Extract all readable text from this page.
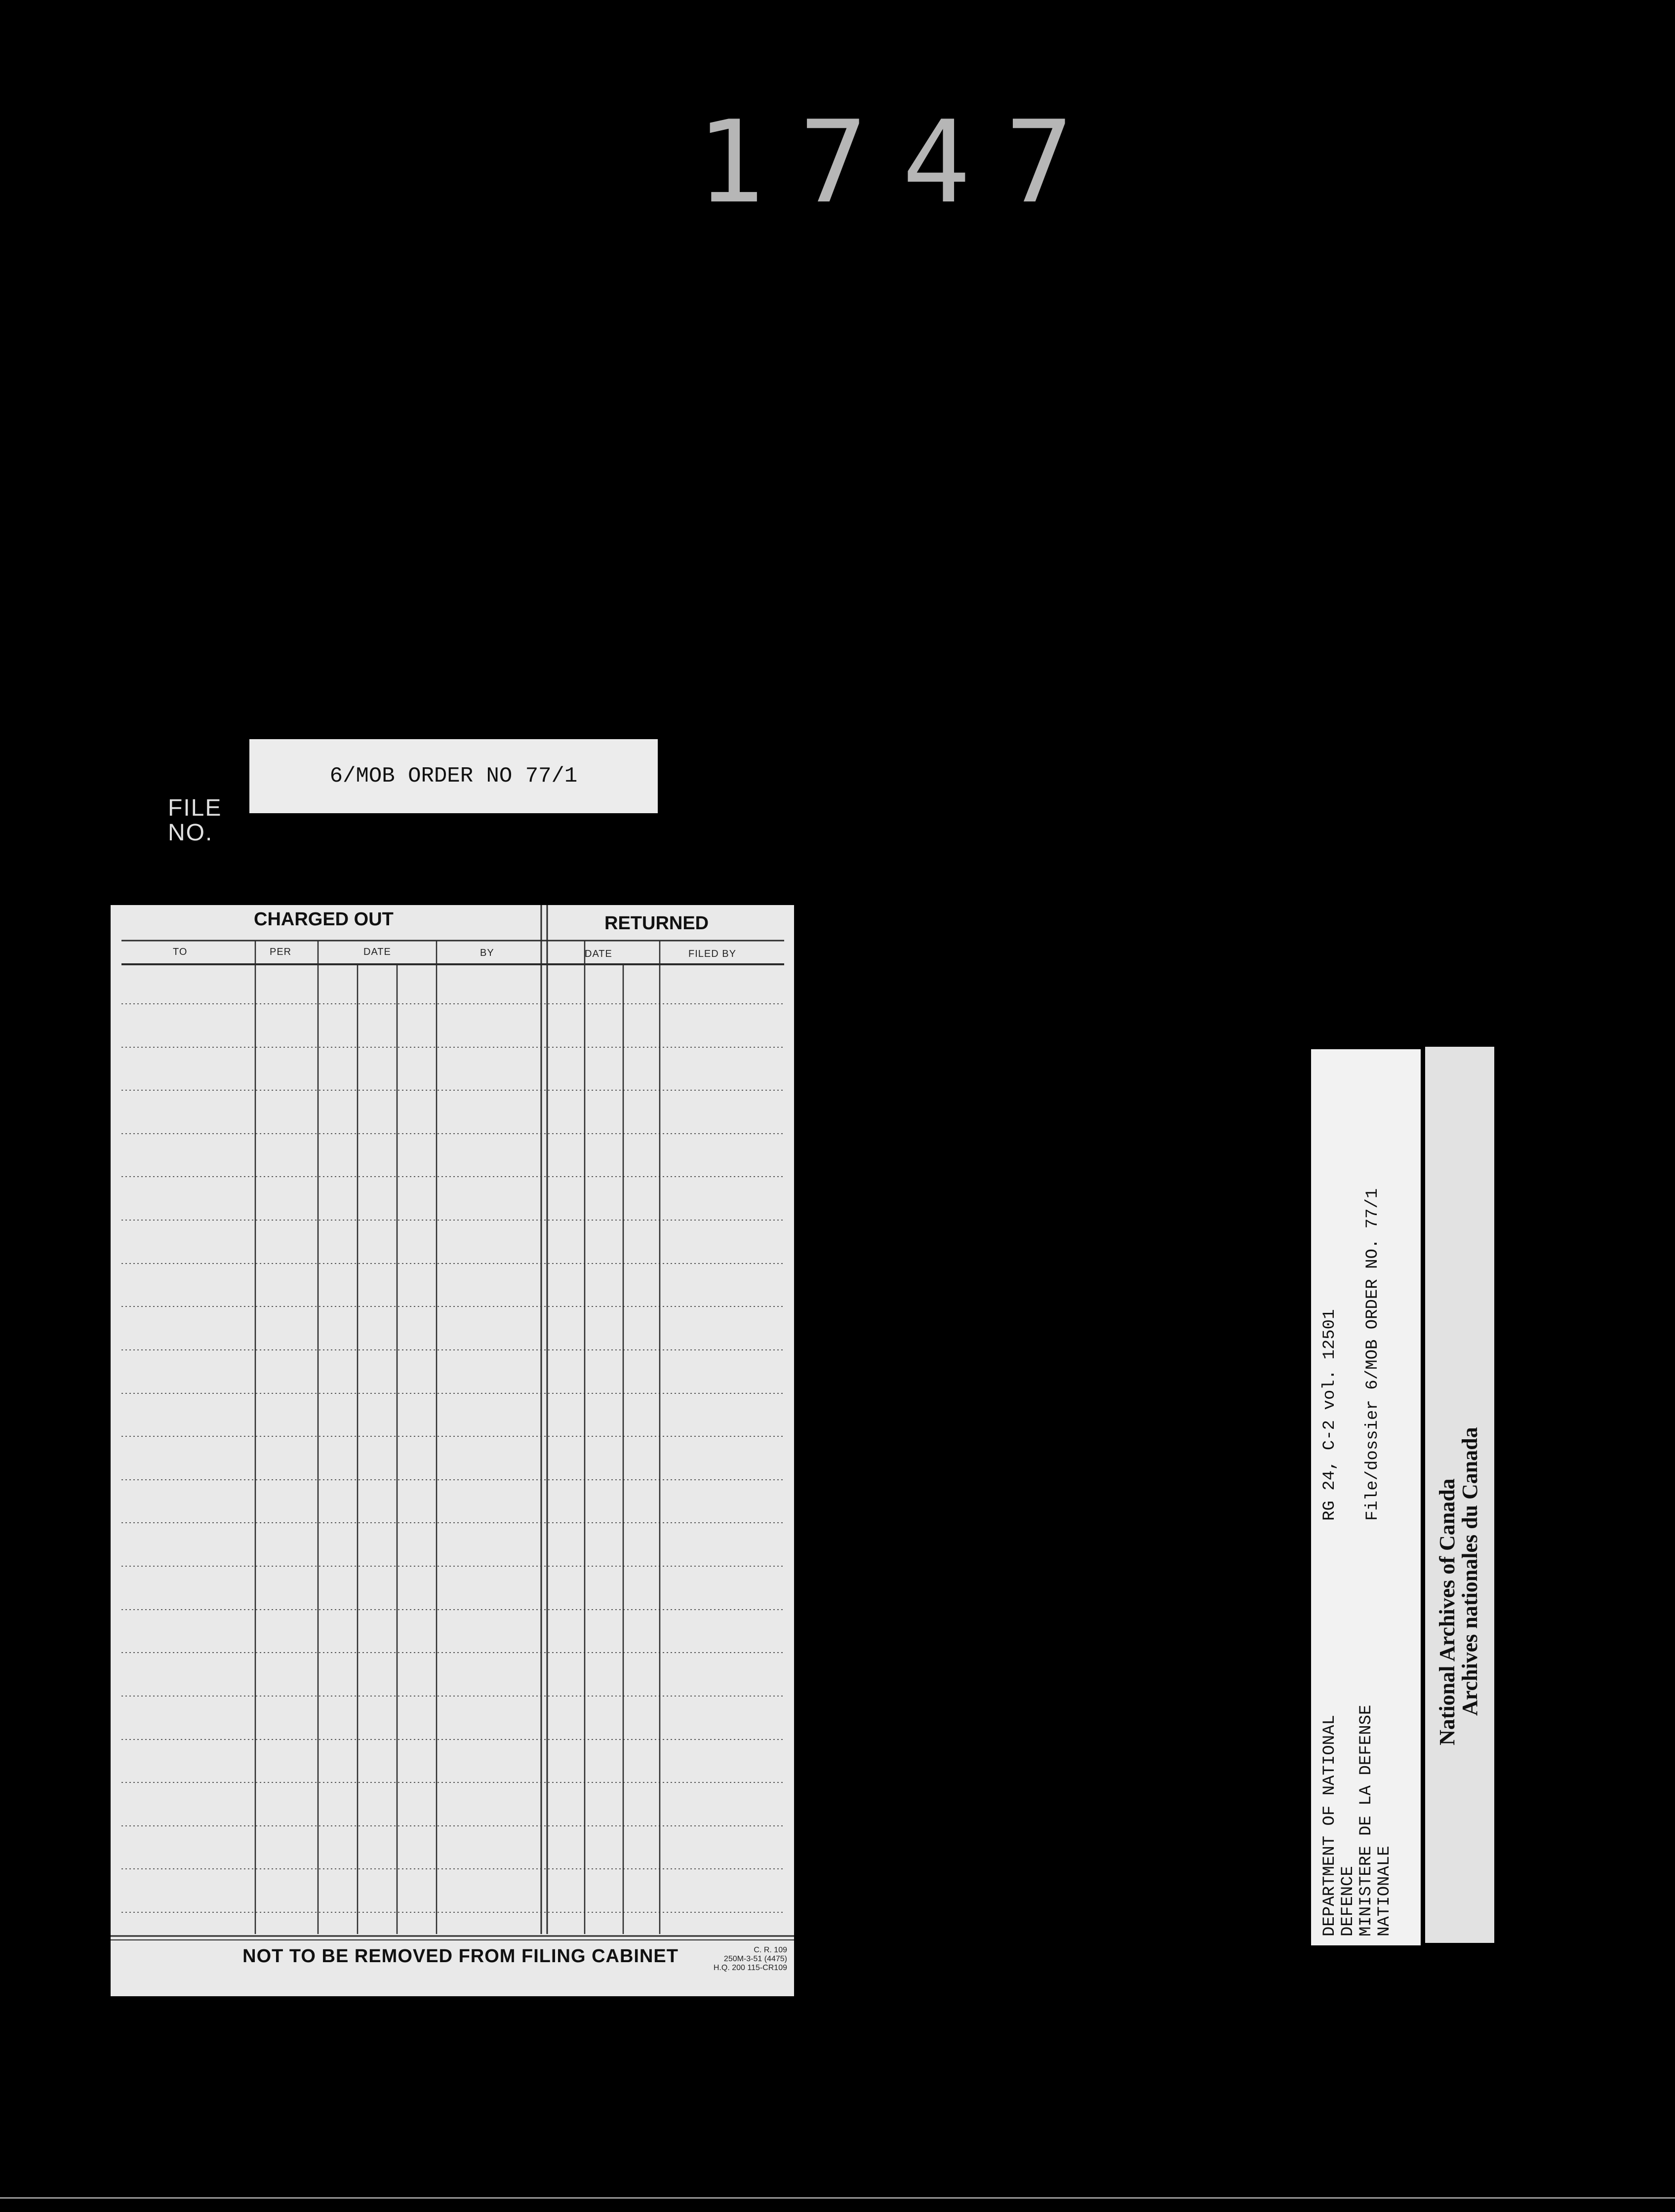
1747
6/MOB ORDER NO 77/1
FILE
NO.
CHARGED OUT	RETURNED
TO	PER	DATE	BY	DATE	FILED BY
NOT TO BE REMOVED FROM FILING CABINET	C. R. 109
250M-3-51 (4475)
H.Q. 200 115-CR109
DEPARTMENT OF NATIONAL DEFENCE MINISTERE DE LA DEFENSE NATIONALE
RG 24, C-2 vol. 12501 File/dossier 6/MOB ORDER NO. 77/1
National Archives of Canada
Archives nationales du Canada
